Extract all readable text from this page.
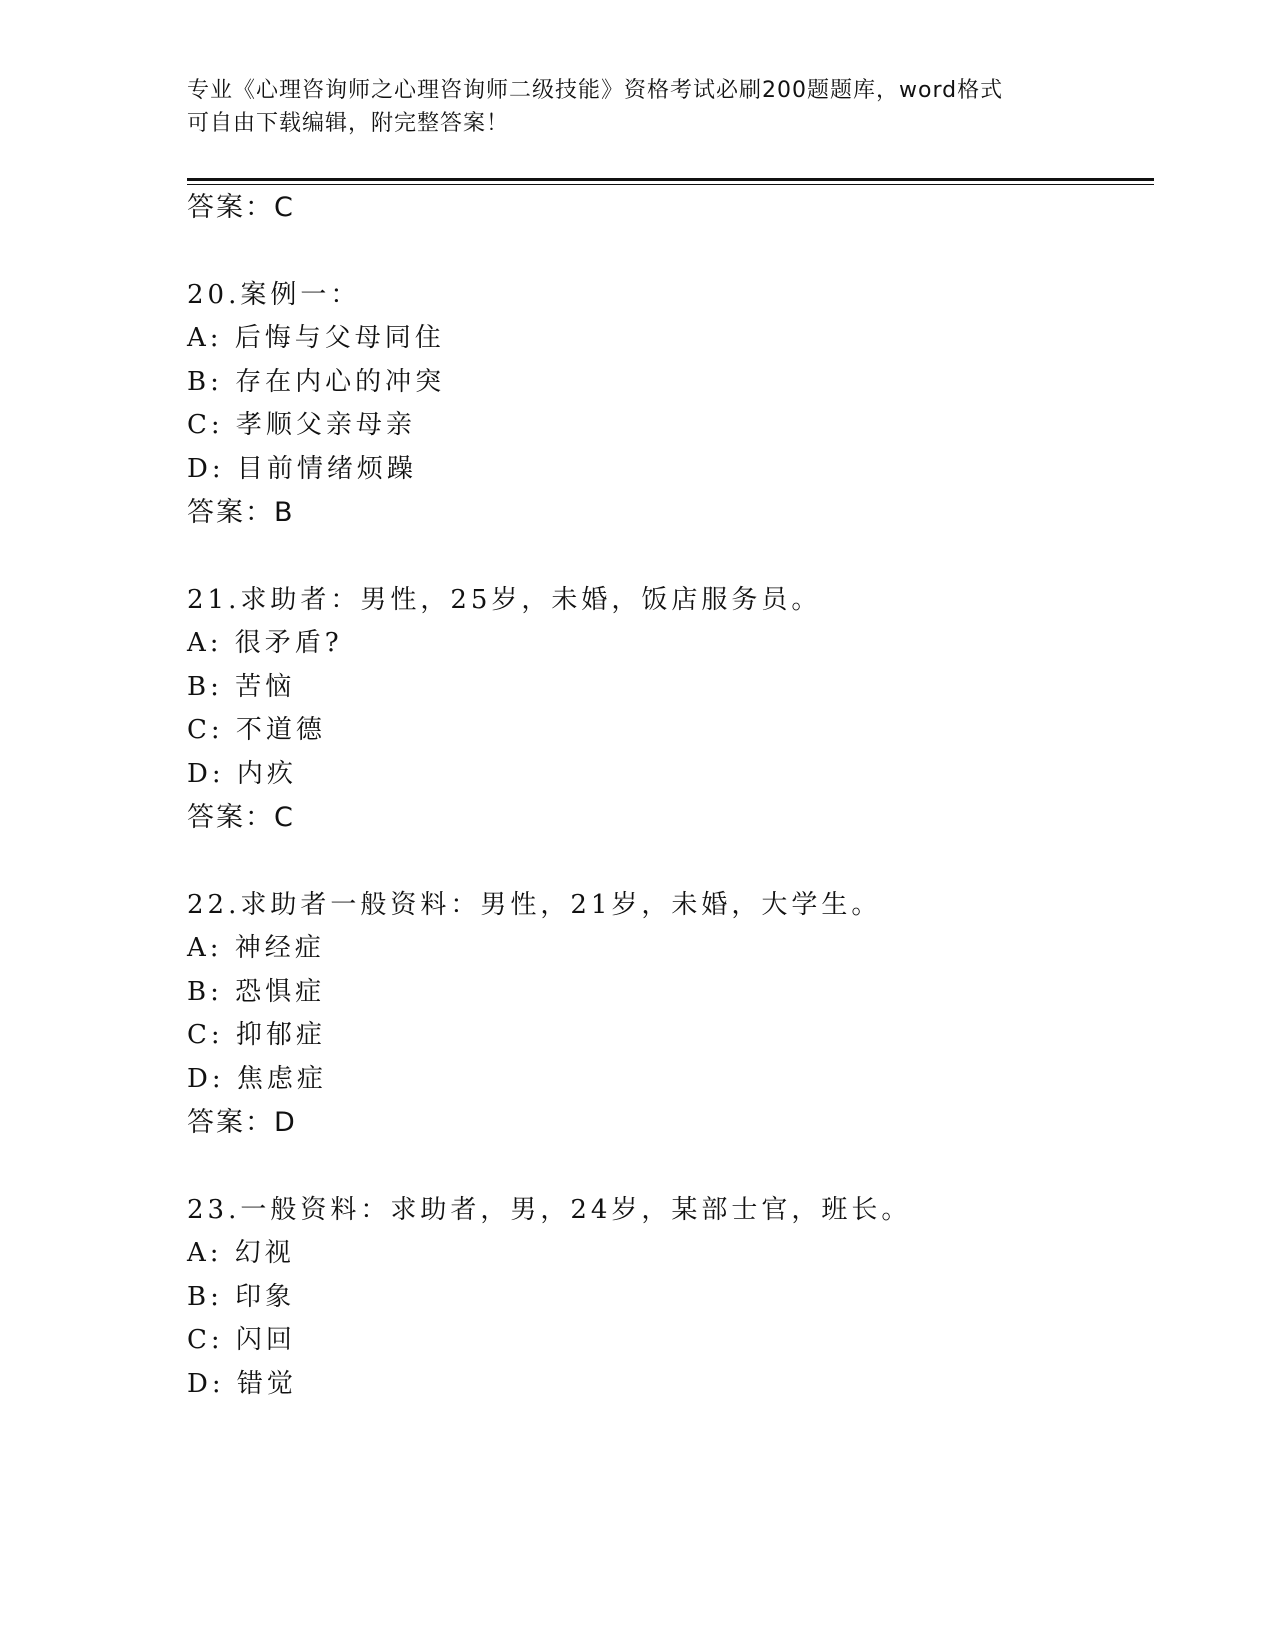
专业《心理咨询师之心理咨询师二级技能》资格考试必刷200题题库，word格式
可自由下载编辑，附完整答案！
答案：C
20.案例一：
A: 后悔与父母同住
B: 存在内心的冲突
C: 孝顺父亲母亲
D: 目前情绪烦躁
答案：B
21.求助者：男性，25岁，未婚，饭店服务员。
A: 很矛盾?
B: 苦恼
C: 不道德
D: 内疚
答案：C
22.求助者一般资料：男性，21岁，未婚，大学生。
A: 神经症
B: 恐惧症
C: 抑郁症
D: 焦虑症
答案：D
23.一般资料：求助者，男，24岁，某部士官，班长。
A: 幻视
B: 印象
C: 闪回
D: 错觉
